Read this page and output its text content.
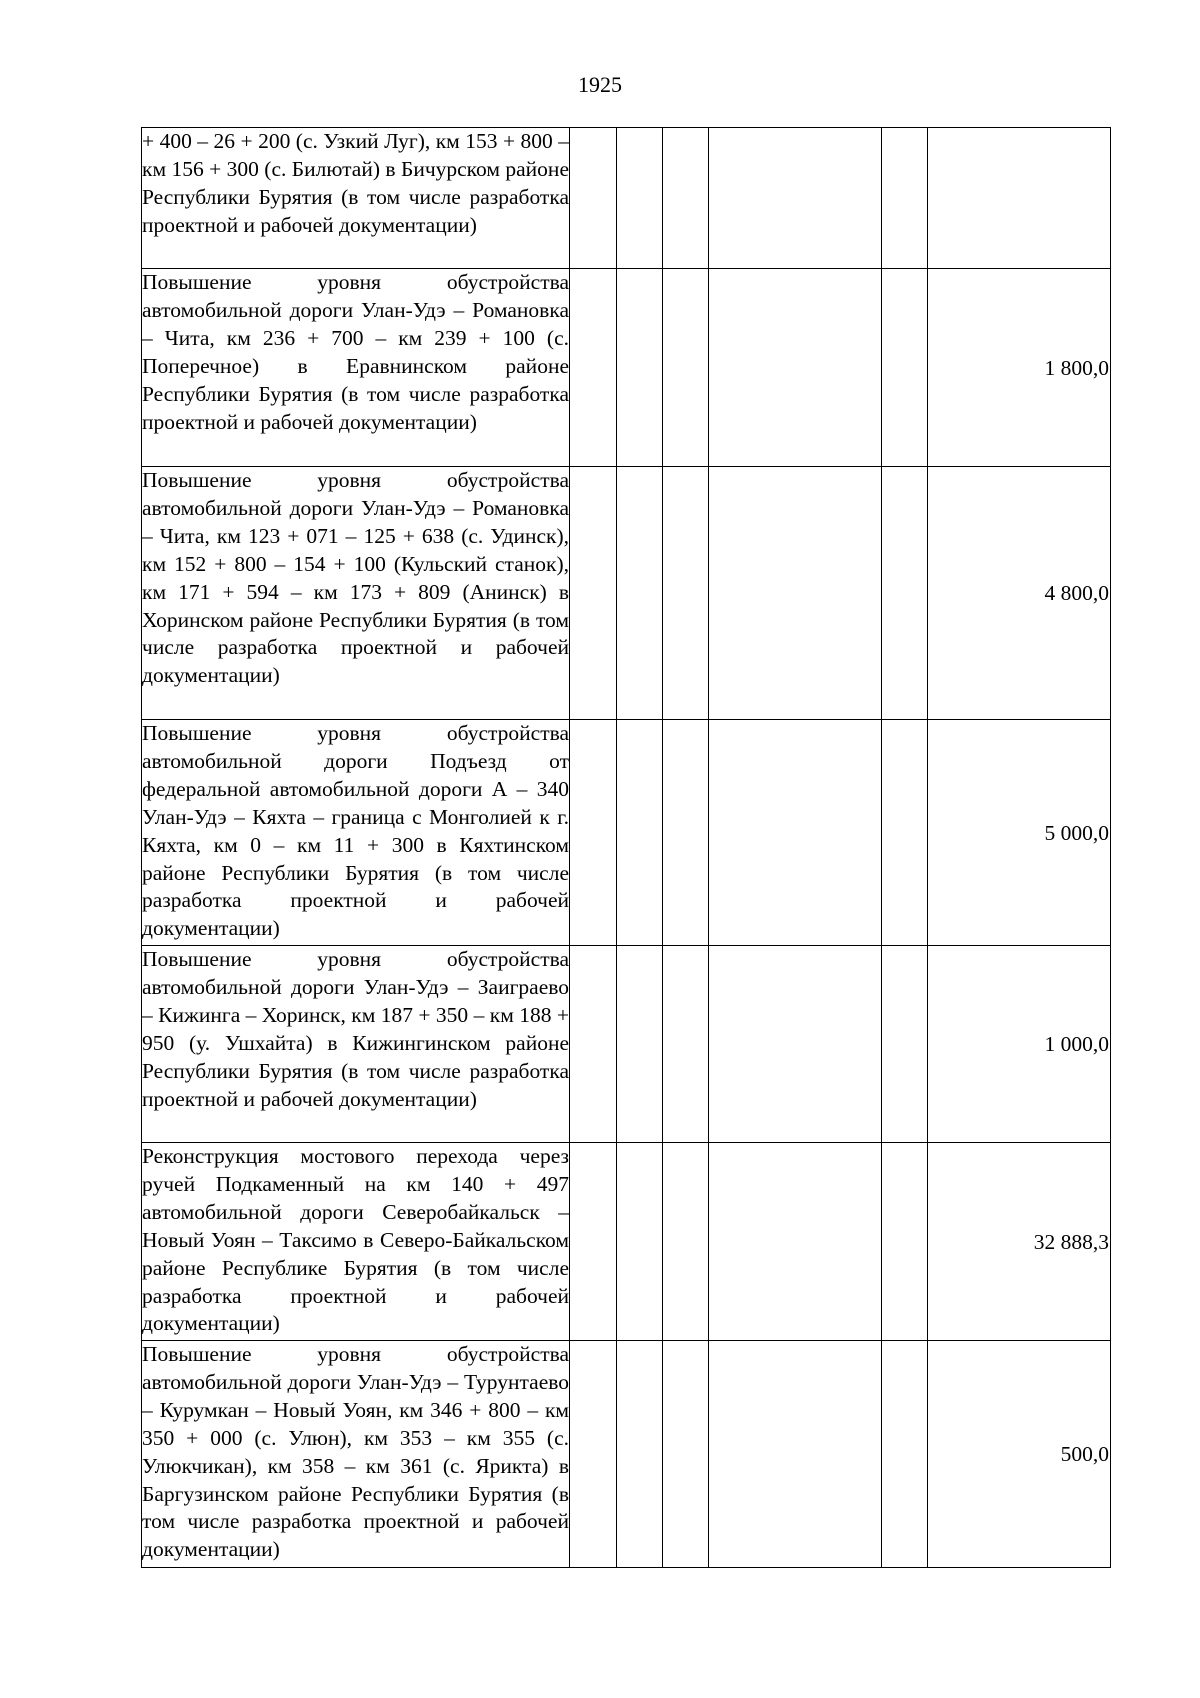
1925
+ 400 – 26 + 200 (с. Узкий Луг), км 153 + 800 – км 156 + 300 (с. Билютай) в Бичурском районе Республики Бурятия (в том числе разработка проектной и рабочей документации)						

Повышение уровня обустройства автомобильной дороги Улан-Удэ – Романовка – Чита, км 236 + 700 – км 239 + 100 (с. Поперечное) в Еравнинском районе Республики Бурятия (в том числе разработка проектной и рабочей документации)						1 800,0

Повышение уровня обустройства автомобильной дороги Улан-Удэ – Романовка – Чита, км 123 + 071 – 125 + 638 (с. Удинск), км 152 + 800 – 154 + 100 (Кульский станок), км 171 + 594 – км 173 + 809 (Анинск) в Хоринском районе Республики Бурятия (в том числе разработка проектной и рабочей документации)						4 800,0

Повышение уровня обустройства автомобильной дороги Подъезд от федеральной автомобильной дороги А – 340 Улан-Удэ – Кяхта – граница с Монголией к г. Кяхта, км 0 – км 11 + 300 в Кяхтинском районе Республики Бурятия (в том числе разработка проектной и рабочей документации)						5 000,0

Повышение уровня обустройства автомобильной дороги Улан-Удэ – Заиграево – Кижинга – Хоринск, км 187 + 350 – км 188 + 950 (у. Ушхайта) в Кижингинском районе Республики Бурятия (в том числе разработка проектной и рабочей документации)						1 000,0

Реконструкция мостового перехода через ручей Подкаменный на км 140 + 497 автомобильной дороги Северобайкальск – Новый Уоян – Таксимо в Северо-Байкальском районе Республике Бурятия (в том числе разработка проектной и рабочей документации)						32 888,3

Повышение уровня обустройства автомобильной дороги Улан-Удэ – Турунтаево – Курумкан – Новый Уоян, км 346 + 800 – км 350 + 000 (с. Улюн), км 353 – км 355 (с. Улюкчикан), км 358 – км 361 (с. Ярикта) в Баргузинском районе Республики Бурятия (в том числе разработка проектной и рабочей документации)						500,0
